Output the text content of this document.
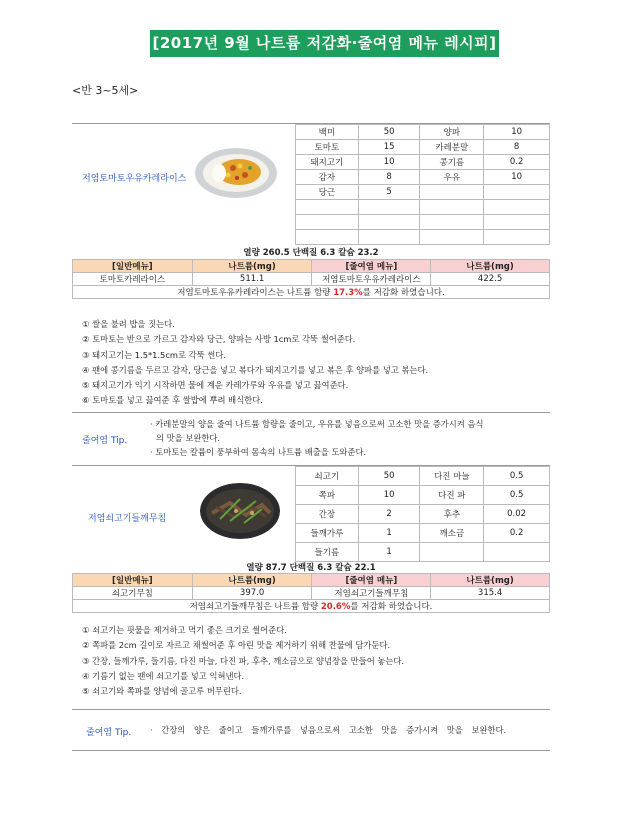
[2017년 9월 나트륨 저감화·줄여염 메뉴 레시피]
<반 3~5세>
저염토마토우유카레라이스
백미	50	양파	10
토마토	15	카레분말	8
돼지고기	10	콩기름	0.2
감자	8	우유	10
당근	5		

열량 260.5 단백질 6.3 칼슘 23.2
[일반메뉴]	나트륨(mg)	[줄여염 메뉴]	나트륨(mg)
토마토카레라이스	511.1	저염토마토우유카레라이스	422.5
저염토마토우유카레라이스는 나트륨 함량 17.3%를 저감화 하였습니다.			
① 쌀을 불려 밥을 짓는다.
② 토마토는 반으로 가르고 감자와 당근, 양파는 사방 1cm로 각뚝 썰어준다.
③ 돼지고기는 1.5*1.5cm로 각뚝 썬다.
④ 팬에 콩기름을 두르고 감자, 당근을 넣고 볶다가 돼지고기를 넣고 볶은 후 양파를 넣고 볶는다.
⑤ 돼지고기가 익기 시작하면 물에 계운 카레가루와 우유를 넣고 끓여준다.
⑥ 토마토를 넣고 끓여준 후 쌀밥에 뿌려 배식한다.
줄여염 Tip.
· 카레분말의 양을 줄여 나트륨 함량을 줄이고, 우유를 넣음으로써 고소한 맛을 증가시켜 음식
의 맛을 보완한다.
· 토마토는 칼륨이 풍부하여 몸속의 나트륨 배출을 도와준다.
저염쇠고기들깨무침
쇠고기	50	다진 마늘	0.5
쪽파	10	다진 파	0.5
간장	2	후추	0.02
들깨가루	1	깨소금	0.2
들기름	1		
열량 87.7 단백질 6.3 칼슘 22.1
[일반메뉴]	나트륨(mg)	[줄여염 메뉴]	나트륨(mg)
쇠고기무침	397.0	저염쇠고기들깨무침	315.4
저염쇠고기들깨무침은 나트륨 함량 20.6%를 저감화 하였습니다.			
① 쇠고기는 핏물을 제거하고 먹기 좋은 크기로 썰어준다.
② 쪽파를 2cm 길이로 자르고 채썰어준 후 아린 맛을 제거하기 위해 찬물에 담가둔다.
③ 간장, 들깨가루, 들기름, 다진 마늘, 다진 파, 후추, 깨소금으로 양념장을 만들어 놓는다.
④ 기름기 없는 팬에 쇠고기를 넣고 익혀낸다.
⑤ 쇠고기와 쪽파를 양념에 골고루 버무린다.
줄여염 Tip. · 간장의 양은 줄이고 들깨가루를 넣음으로써 고소한 맛을 증가시켜 맛을 보완한다.
